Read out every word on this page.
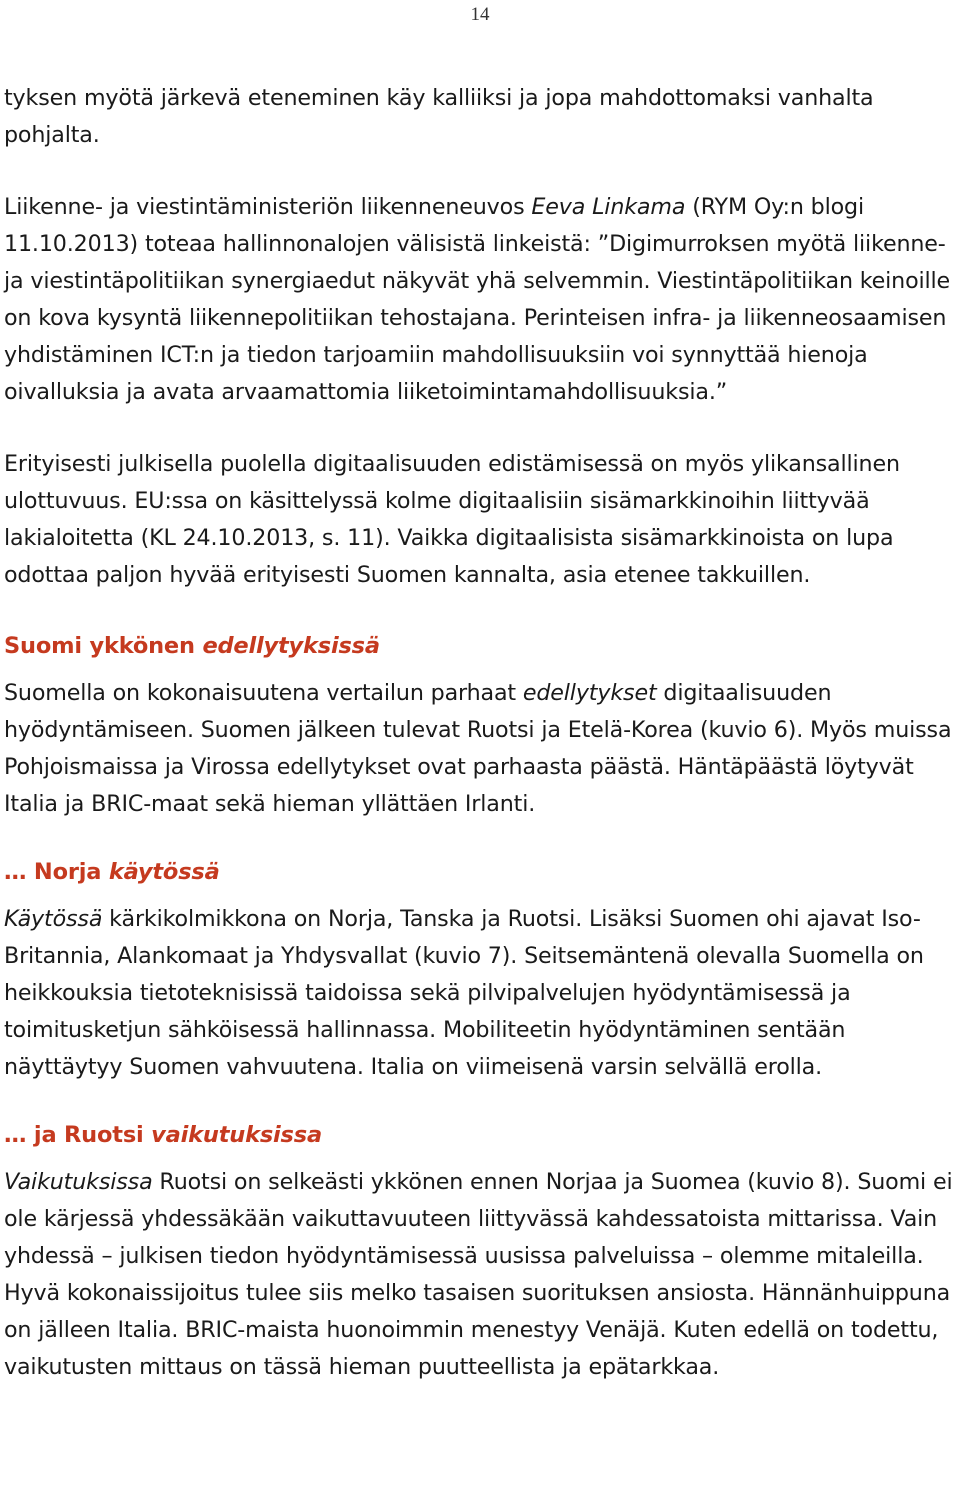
14

tyksen myötä järkevä eteneminen käy kalliiksi ja jopa mahdottomaksi vanhalta pohjalta.

Liikenne- ja viestintäministeriön liikenneneuvos Eeva Linkama (RYM Oy:n blogi 11.10.2013) toteaa hallinnonalojen välisistä linkeistä: ”Digimurroksen myötä liikenne- ja viestintäpolitiikan synergiaedut näkyvät yhä selvemmin. Viestintäpolitiikan keinoille on kova kysyntä liikennepolitiikan tehostajana. Perinteisen infra- ja liikenneosaamisen yhdistäminen ICT:n ja tiedon tarjoamiin mahdollisuuksiin voi synnyttää hienoja oivalluksia ja avata arvaamattomia liiketoimintamahdollisuuksia.”

Erityisesti julkisella puolella digitaalisuuden edistämisessä on myös ylikansallinen ulottuvuus. EU:ssa on käsittelyssä kolme digitaalisiin sisämarkkinoihin liittyvää lakialoitetta (KL 24.10.2013, s. 11). Vaikka digitaalisista sisämarkkinoista on lupa odottaa paljon hyvää erityisesti Suomen kannalta, asia etenee takkuillen.

Suomi ykkönen edellytyksissä

Suomella on kokonaisuutena vertailun parhaat edellytykset digitaalisuuden hyödyntämiseen. Suomen jälkeen tulevat Ruotsi ja Etelä-Korea (kuvio 6). Myös muissa Pohjoismaissa ja Virossa edellytykset ovat parhaasta päästä. Häntäpäästä löytyvät Italia ja BRIC-maat sekä hieman yllättäen Irlanti.

… Norja käytössä

Käytössä kärkikolmikkona on Norja, Tanska ja Ruotsi. Lisäksi Suomen ohi ajavat Iso-Britannia, Alankomaat ja Yhdysvallat (kuvio 7). Seitsemäntenä olevalla Suomella on heikkouksia tietoteknisissä taidoissa sekä pilvipalvelujen hyödyntämisessä ja toimitusketjun sähköisessä hallinnassa. Mobiliteetin hyödyntäminen sentään näyttäytyy Suomen vahvuutena. Italia on viimeisenä varsin selvällä erolla.

… ja Ruotsi vaikutuksissa

Vaikutuksissa Ruotsi on selkeästi ykkönen ennen Norjaa ja Suomea (kuvio 8). Suomi ei ole kärjessä yhdessäkään vaikuttavuuteen liittyvässä kahdessatoista mittarissa. Vain yhdessä – julkisen tiedon hyödyntämisessä uusissa palveluissa – olemme mitaleilla. Hyvä kokonaissijoitus tulee siis melko tasaisen suorituksen ansiosta. Hännänhuippuna on jälleen Italia. BRIC-maista huonoimmin menestyy Venäjä. Kuten edellä on todettu, vaikutusten mittaus on tässä hieman puutteellista ja epätarkkaa.
